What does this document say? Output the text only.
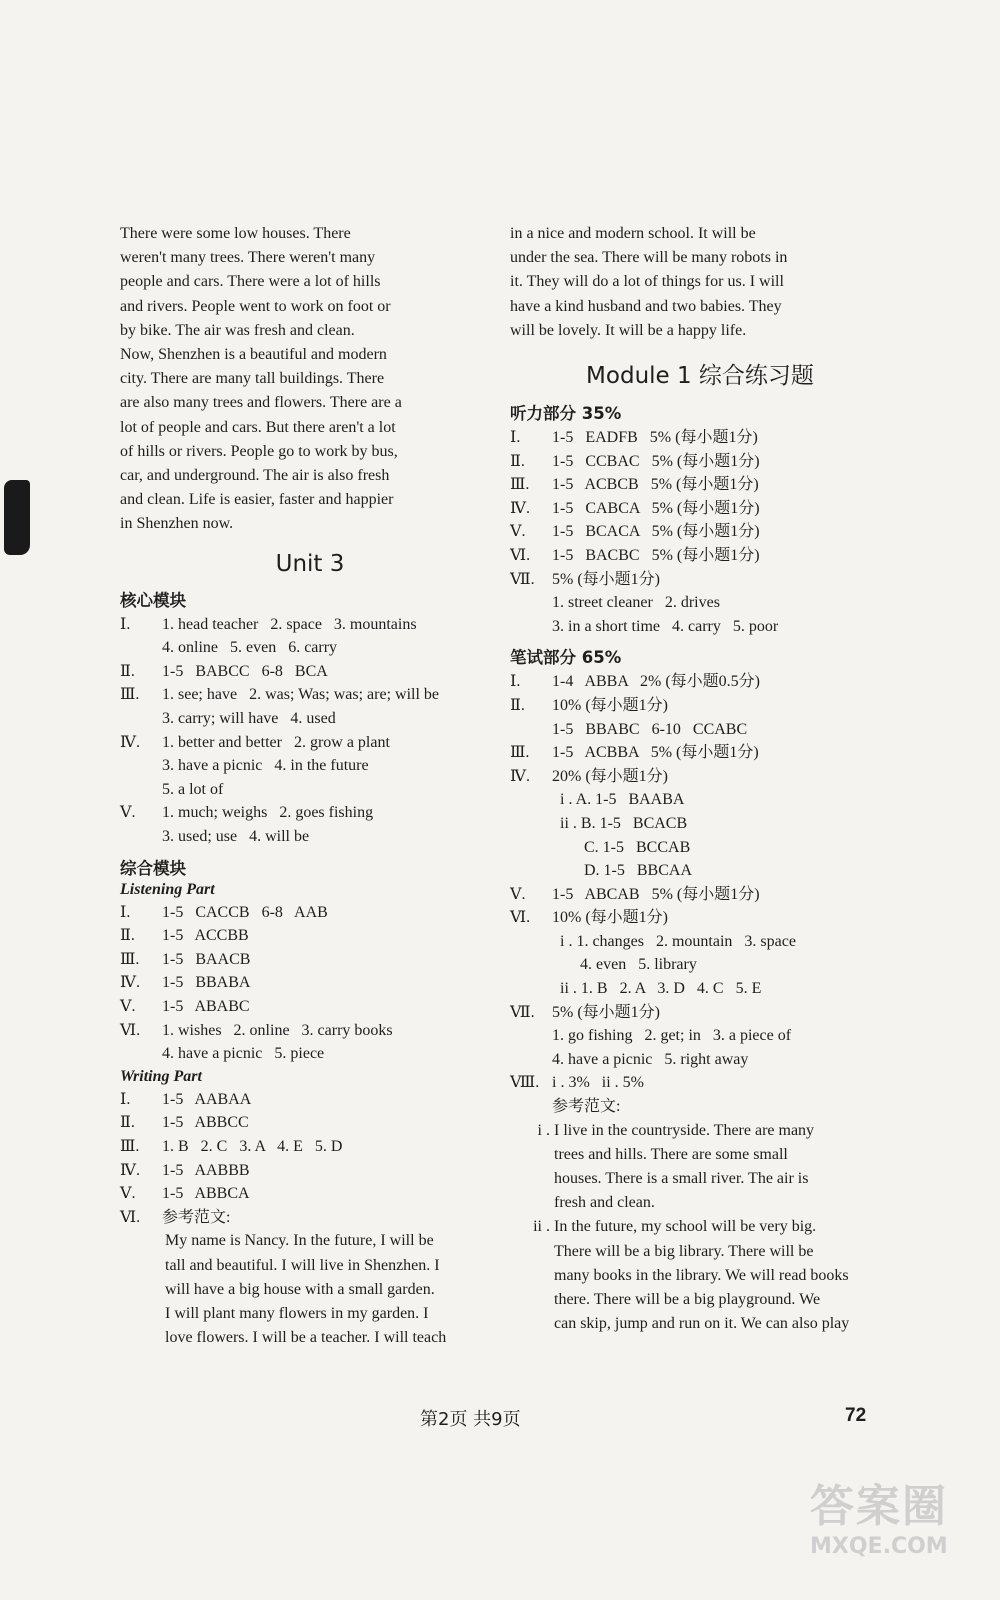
There were some low houses. There

weren't many trees. There weren't many

people and cars. There were a lot of hills

and rivers. People went to work on foot or

by bike. The air was fresh and clean.

Now, Shenzhen is a beautiful and modern

city. There are many tall buildings. There

are also many trees and flowers. There are a

lot of people and cars. But there aren't a lot

of hills or rivers. People go to work by bus,

car, and underground. The air is also fresh

and clean. Life is easier, faster and happier

in Shenzhen now.

Unit 3
核心模块
Ⅰ.	1. head teacher   2. space   3. mountains
4. online   5. even   6. carry
Ⅱ.	1-5   BABCC   6-8   BCA
Ⅲ.	1. see; have   2. was; Was; was; are; will be
3. carry; will have   4. used
Ⅳ.	1. better and better   2. grow a plant
3. have a picnic   4. in the future
5. a lot of
Ⅴ.	1. much; weighs   2. goes fishing
3. used; use   4. will be
综合模块
Listening Part
Ⅰ.	1-5   CACCB   6-8   AAB
Ⅱ.	1-5   ACCBB
Ⅲ.	1-5   BAACB
Ⅳ.	1-5   BBABA
Ⅴ.	1-5   ABABC
Ⅵ.	1. wishes   2. online   3. carry books
4. have a picnic   5. piece
Writing Part
Ⅰ.	1-5   AABAA
Ⅱ.	1-5   ABBCC
Ⅲ.	1. B   2. C   3. A   4. E   5. D
Ⅳ.	1-5   AABBB
Ⅴ.	1-5   ABBCA
Ⅵ.	参考范文:

My name is Nancy. In the future, I will be

tall and beautiful. I will live in Shenzhen. I

will have a big house with a small garden.

I will plant many flowers in my garden. I

love flowers. I will be a teacher. I will teach

in a nice and modern school. It will be

under the sea. There will be many robots in

it. They will do a lot of things for us. I will

have a kind husband and two babies. They

will be lovely. It will be a happy life.

Module 1 综合练习题
听力部分 35%
Ⅰ.	1-5   EADFB   5% (每小题1分)
Ⅱ.	1-5   CCBAC   5% (每小题1分)
Ⅲ.	1-5   ACBCB   5% (每小题1分)
Ⅳ.	1-5   CABCA   5% (每小题1分)
Ⅴ.	1-5   BCACA   5% (每小题1分)
Ⅵ.	1-5   BACBC   5% (每小题1分)
Ⅶ.	5% (每小题1分)
1. street cleaner   2. drives
3. in a short time   4. carry   5. poor
笔试部分 65%
Ⅰ.	1-4   ABBA   2% (每小题0.5分)
Ⅱ.	10% (每小题1分)
1-5   BBABC   6-10   CCABC
Ⅲ.	1-5   ACBBA   5% (每小题1分)
Ⅳ.	20% (每小题1分)
i . A. 1-5   BAABA
ii . B. 1-5   BCACB
C. 1-5   BCCAB
D. 1-5   BBCAA
Ⅴ.	1-5   ABCAB   5% (每小题1分)
Ⅵ.	10% (每小题1分)
i . 1. changes   2. mountain   3. space
4. even   5. library
ii . 1. B   2. A   3. D   4. C   5. E
Ⅶ.	5% (每小题1分)
1. go fishing   2. get; in   3. a piece of
4. have a picnic   5. right away
Ⅷ. i . 3%   ii . 5%
参考范文:
i . I live in the countryside. There are many

trees and hills. There are some small

houses. There is a small river. The air is

fresh and clean.

ii . In the future, my school will be very big.

There will be a big library. There will be

many books in the library. We will read books

there. There will be a big playground. We

can skip, jump and run on it. We can also play

第2页 共9页	72
答案圈
MXQE.COM
